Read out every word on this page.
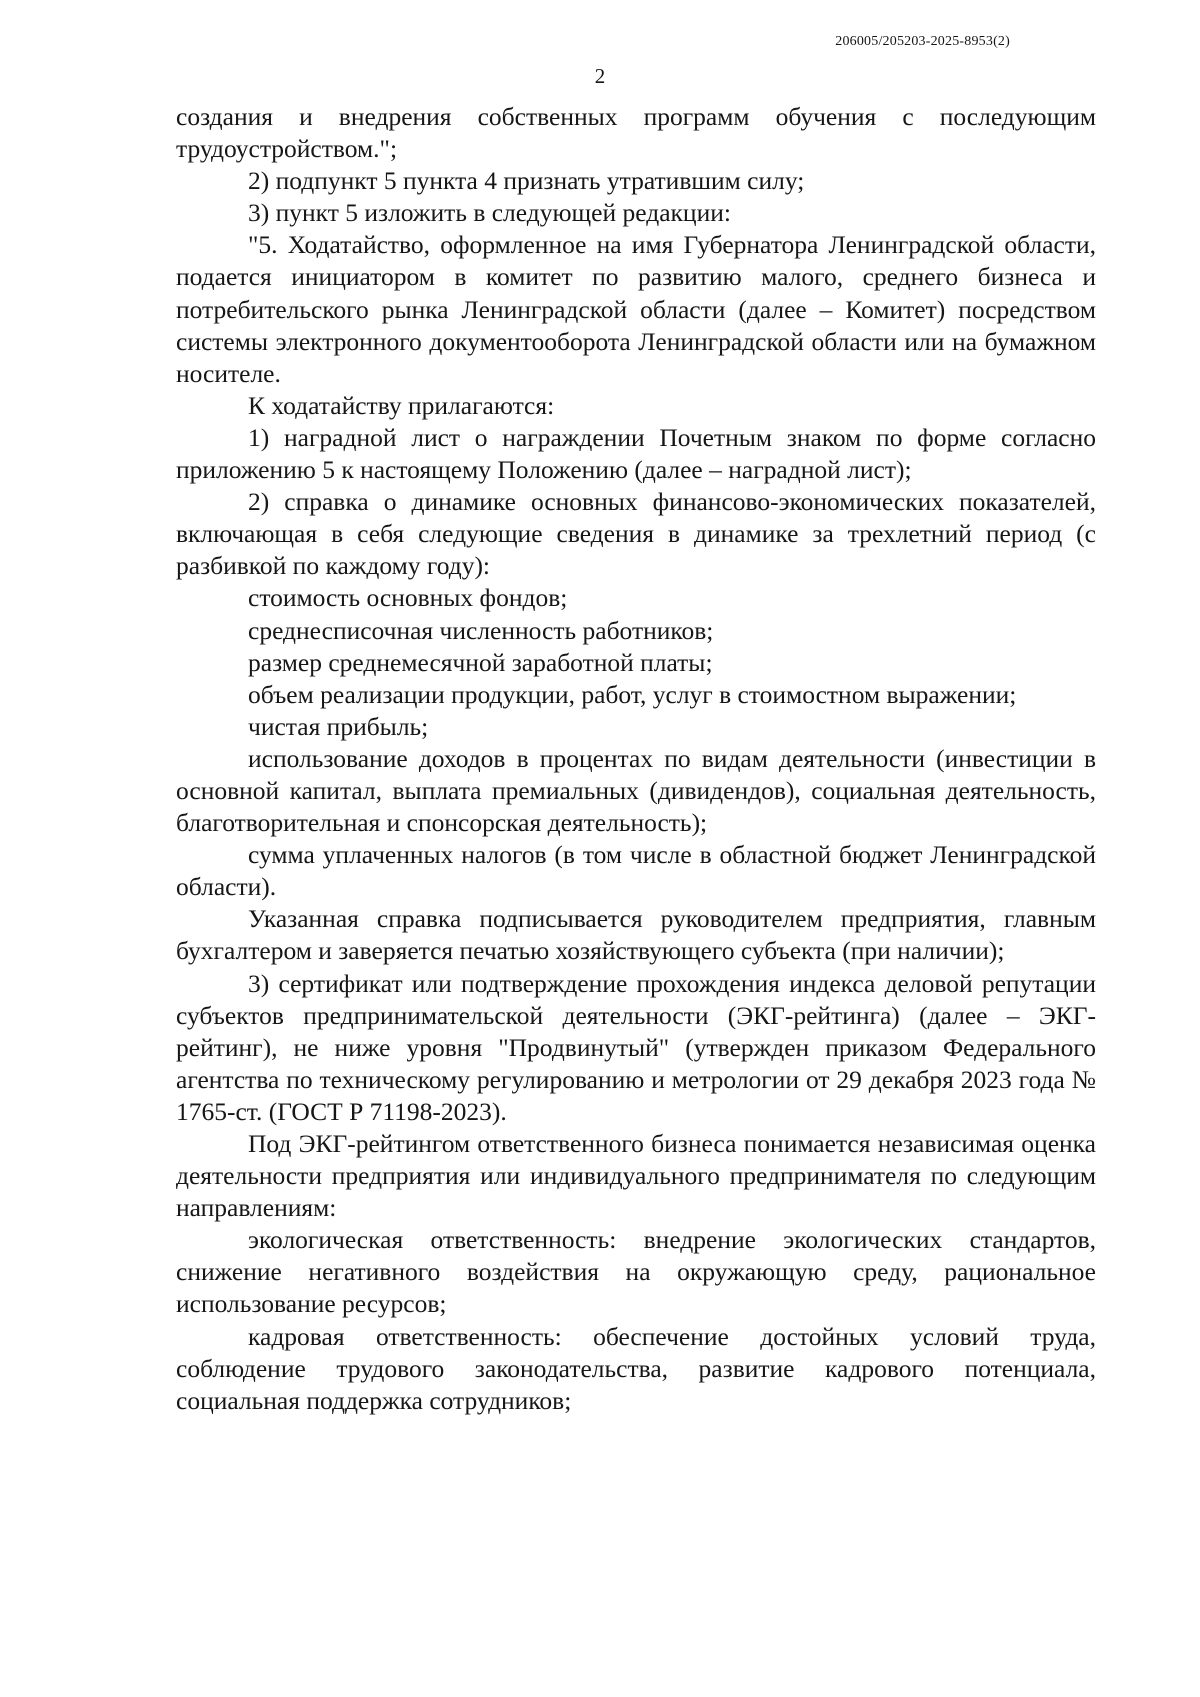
206005/205203-2025-8953(2)
2

создания и внедрения собственных программ обучения с последующим трудоустройством.";

2) подпункт 5 пункта 4 признать утратившим силу;

3) пункт 5 изложить в следующей редакции:

"5. Ходатайство, оформленное на имя Губернатора Ленинградской области, подается инициатором в комитет по развитию малого, среднего бизнеса и потребительского рынка Ленинградской области (далее – Комитет) посредством системы электронного документооборота Ленинградской области или на бумажном носителе.

К ходатайству прилагаются:

1) наградной лист о награждении Почетным знаком по форме согласно приложению 5 к настоящему Положению (далее – наградной лист);

2) справка о динамике основных финансово-экономических показателей, включающая в себя следующие сведения в динамике за трехлетний период (с разбивкой по каждому году):

стоимость основных фондов;

среднесписочная численность работников;

размер среднемесячной заработной платы;

объем реализации продукции, работ, услуг в стоимостном выражении;

чистая прибыль;

использование доходов в процентах по видам деятельности (инвестиции в основной капитал, выплата премиальных (дивидендов), социальная деятельность, благотворительная и спонсорская деятельность);

сумма уплаченных налогов (в том числе в областной бюджет Ленинградской области).

Указанная справка подписывается руководителем предприятия, главным бухгалтером и заверяется печатью хозяйствующего субъекта (при наличии);

3) сертификат или подтверждение прохождения индекса деловой репутации субъектов предпринимательской деятельности (ЭКГ-рейтинга) (далее – ЭКГ-рейтинг), не ниже уровня "Продвинутый" (утвержден приказом Федерального агентства по техническому регулированию и метрологии от 29 декабря 2023 года № 1765-ст. (ГОСТ Р 71198-2023).

Под ЭКГ-рейтингом ответственного бизнеса понимается независимая оценка деятельности предприятия или индивидуального предпринимателя по следующим направлениям:

экологическая ответственность: внедрение экологических стандартов, снижение негативного воздействия на окружающую среду, рациональное использование ресурсов;

кадровая ответственность: обеспечение достойных условий труда, соблюдение трудового законодательства, развитие кадрового потенциала, социальная поддержка сотрудников;
